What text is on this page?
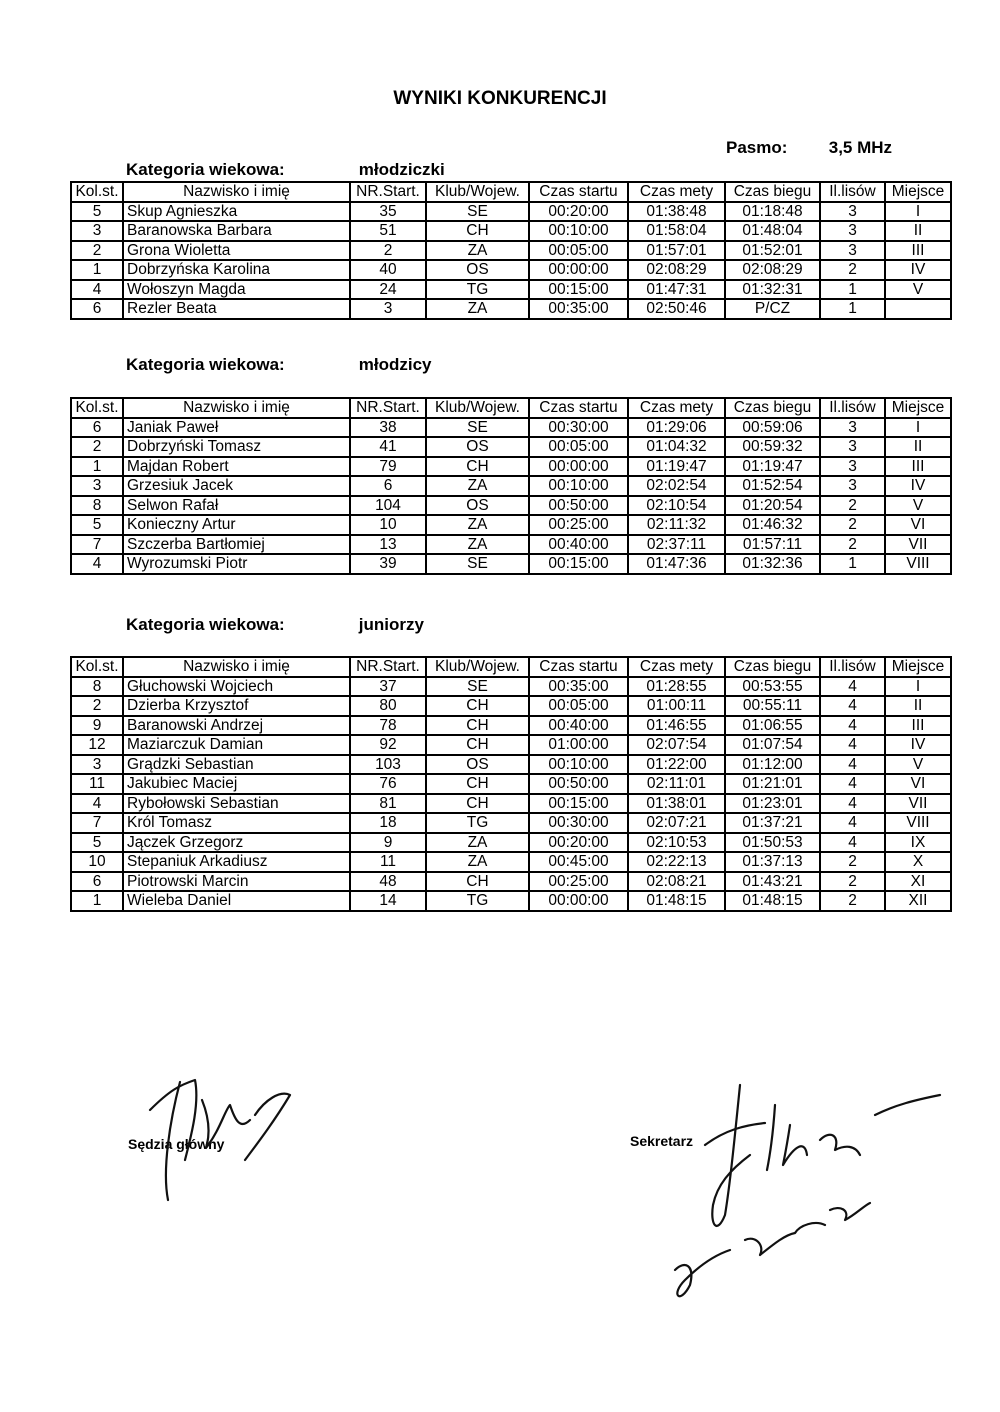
WYNIKI KONKURENCJI
Pasmo: 3,5 MHz
Kategoria wiekowa:	młodziczki
Kol.st.	Nazwisko i imię	NR.Start.	Klub/Wojew.	Czas startu	Czas mety	Czas biegu	Il.lisów	Miejsce
5	Skup Agnieszka	35	SE	00:20:00	01:38:48	01:18:48	3	I
3	Baranowska Barbara	51	CH	00:10:00	01:58:04	01:48:04	3	II
2	Grona Wioletta	2	ZA	00:05:00	01:57:01	01:52:01	3	III
1	Dobrzyńska Karolina	40	OS	00:00:00	02:08:29	02:08:29	2	IV
4	Wołoszyn Magda	24	TG	00:15:00	01:47:31	01:32:31	1	V
6	Rezler Beata	3	ZA	00:35:00	02:50:46	P/CZ	1	
Kategoria wiekowa:	młodzicy
Kol.st.	Nazwisko i imię	NR.Start.	Klub/Wojew.	Czas startu	Czas mety	Czas biegu	Il.lisów	Miejsce
6	Janiak Paweł	38	SE	00:30:00	01:29:06	00:59:06	3	I
2	Dobrzyński Tomasz	41	OS	00:05:00	01:04:32	00:59:32	3	II
1	Majdan Robert	79	CH	00:00:00	01:19:47	01:19:47	3	III
3	Grzesiuk Jacek	6	ZA	00:10:00	02:02:54	01:52:54	3	IV
8	Selwon Rafał	104	OS	00:50:00	02:10:54	01:20:54	2	V
5	Konieczny Artur	10	ZA	00:25:00	02:11:32	01:46:32	2	VI
7	Szczerba Bartłomiej	13	ZA	00:40:00	02:37:11	01:57:11	2	VII
4	Wyrozumski Piotr	39	SE	00:15:00	01:47:36	01:32:36	1	VIII
Kategoria wiekowa:	juniorzy
Kol.st.	Nazwisko i imię	NR.Start.	Klub/Wojew.	Czas startu	Czas mety	Czas biegu	Il.lisów	Miejsce
8	Głuchowski Wojciech	37	SE	00:35:00	01:28:55	00:53:55	4	I
2	Dzierba Krzysztof	80	CH	00:05:00	01:00:11	00:55:11	4	II
9	Baranowski Andrzej	78	CH	00:40:00	01:46:55	01:06:55	4	III
12	Maziarczuk Damian	92	CH	01:00:00	02:07:54	01:07:54	4	IV
3	Grądzki Sebastian	103	OS	00:10:00	01:22:00	01:12:00	4	V
11	Jakubiec Maciej	76	CH	00:50:00	02:11:01	01:21:01	4	VI
4	Rybołowski Sebastian	81	CH	00:15:00	01:38:01	01:23:01	4	VII
7	Król Tomasz	18	TG	00:30:00	02:07:21	01:37:21	4	VIII
5	Jączek Grzegorz	9	ZA	00:20:00	02:10:53	01:50:53	4	IX
10	Stepaniuk Arkadiusz	11	ZA	00:45:00	02:22:13	01:37:13	2	X
6	Piotrowski Marcin	48	CH	00:25:00	02:08:21	01:43:21	2	XI
1	Wieleba Daniel	14	TG	00:00:00	01:48:15	01:48:15	2	XII
Sędzia główny	Sekretarz
